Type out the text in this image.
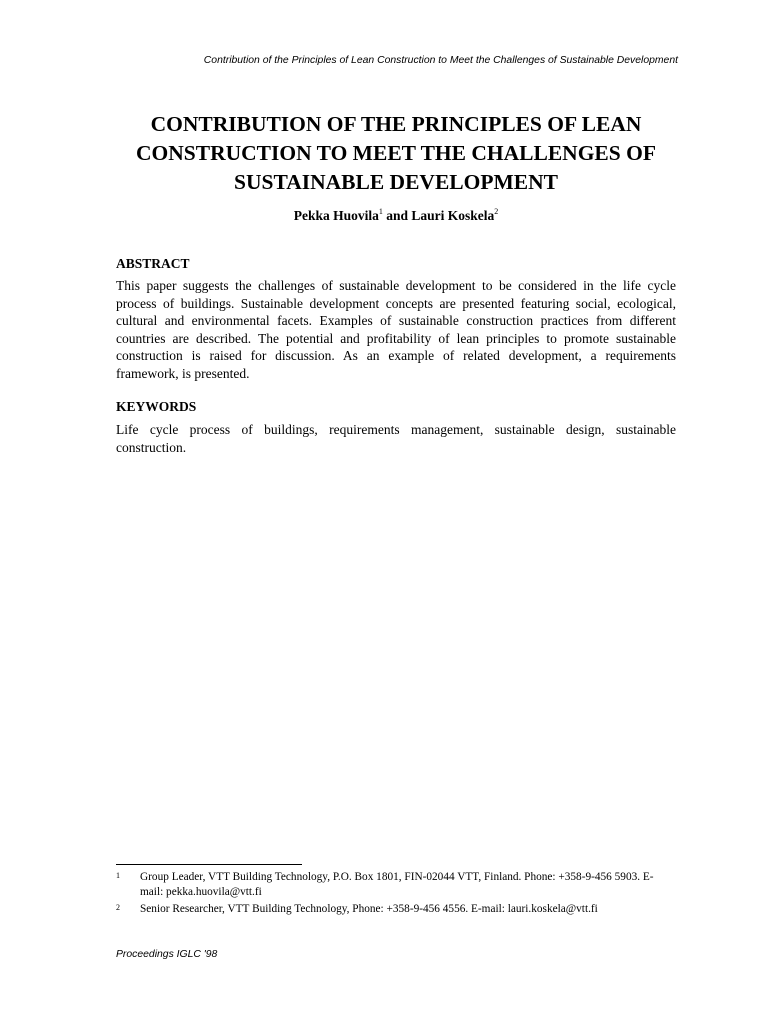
Contribution of the Principles of Lean Construction to Meet the Challenges of Sustainable Development
CONTRIBUTION OF THE PRINCIPLES OF LEAN
CONSTRUCTION TO MEET THE CHALLENGES OF
SUSTAINABLE DEVELOPMENT
Pekka Huovila$^1$ and Lauri Koskela$^2$
ABSTRACT

This paper suggests the challenges of sustainable development to be considered in the life cycle process of buildings. Sustainable development concepts are presented featuring social, ecological, cultural and environmental facets. Examples of sustainable construction practices from different countries are described. The potential and profitability of lean principles to promote sustainable construction is raised for discussion. As an example of related development, a requirements framework, is presented.

KEYWORDS

Life cycle process of buildings, requirements management, sustainable design, sustainable construction.

1 Group Leader, VTT Building Technology, P.O. Box 1801, FIN-02044 VTT, Finland. Phone: +358-9-456 5903. E-mail: pekka.huovila@vtt.fi

2 Senior Researcher, VTT Building Technology, Phone: +358-9-456 4556. E-mail: lauri.koskela@vtt.fi

Proceedings IGLC '98
